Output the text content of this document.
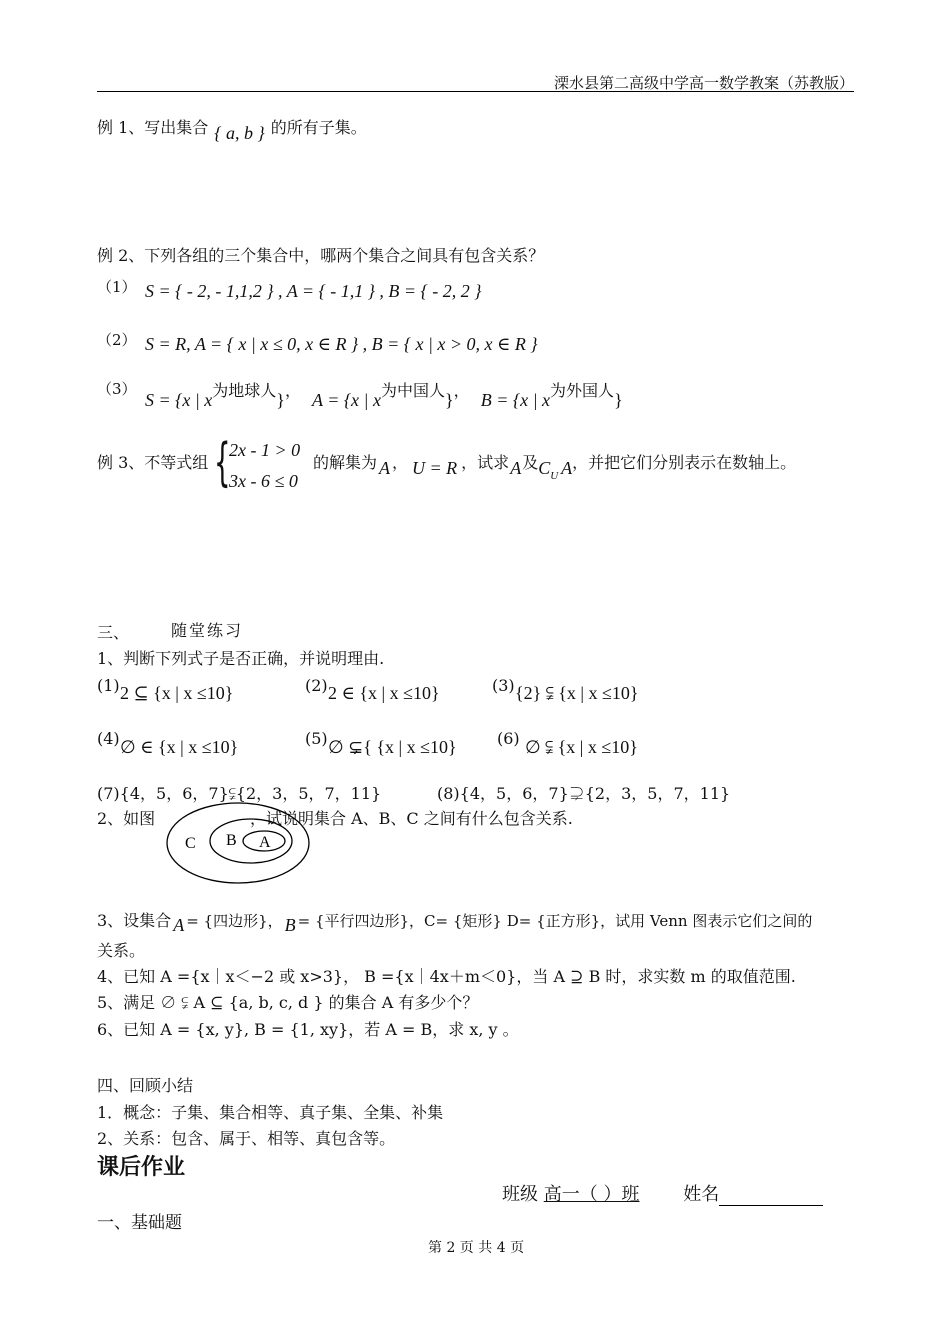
溧水县第二高级中学高一数学教案（苏教版）
例 1、写出集合 { a, b } 的所有子集。
例 2、下列各组的三个集合中，哪两个集合之间具有包含关系？
（1） S = { - 2, - 1,1,2 } , A = { - 1,1 } , B = { - 2, 2 }
（2） S = R, A = { x | x ≤ 0, x ∈ R } , B = { x | x > 0, x ∈ R }
（3）
S = {x | x为地球人}， A = {x | x为中国人}， B = {x | x为外国人}
例 3、不等式组 {
2x - 1 > 0
3x - 6 ≤ 0
的解集为 A ， U = R ，试求A及$C_U$ A，并把它们分别表示在数轴上。
三、	随堂练习
1、判断下列式子是否正确，并说明理由.
(1) 2 ⊆ {x | x ≤10}	(2) 2 ∈ {x | x ≤10}	(3) {2} ⫋ {x | x ≤10}
(4) ∅ ∈ {x | x ≤10}	(5) ∅ ⊊{ {x | x ≤10}	(6) ∅ ⫋ {x | x ≤10}
(7){4，5，6，7}⫋{2，3，5，7，11}	(8){4，5，6，7}⊋{2，3，5，7，11}
2、如图	，试说明集合 A、B、C 之间有什么包含关系.
C B A
3、设集合 A = {四边形}， B = {平行四边形}，C= {矩形} D= {正方形}，试用 Venn 图表示它们之间的
关系。
4、已知 A ={x｜x＜−2 或 x>3}， B ={x｜4x＋m＜0}，当 A ⊇ B 时，求实数 m 的取值范围.
5、满足 ∅ ⫋ A ⊆ {a, b, c, d } 的集合 A 有多少个？
6、已知 A = {x, y}, B = {1, xy}，若 A = B，求 x, y 。
四、回顾小结
1．概念：子集、集合相等、真子集、全集、补集
2、关系：包含、属于、相等、真包含等。
课后作业
班级 高一（ ）班 姓名
一、基础题
第 2 页 共 4 页
